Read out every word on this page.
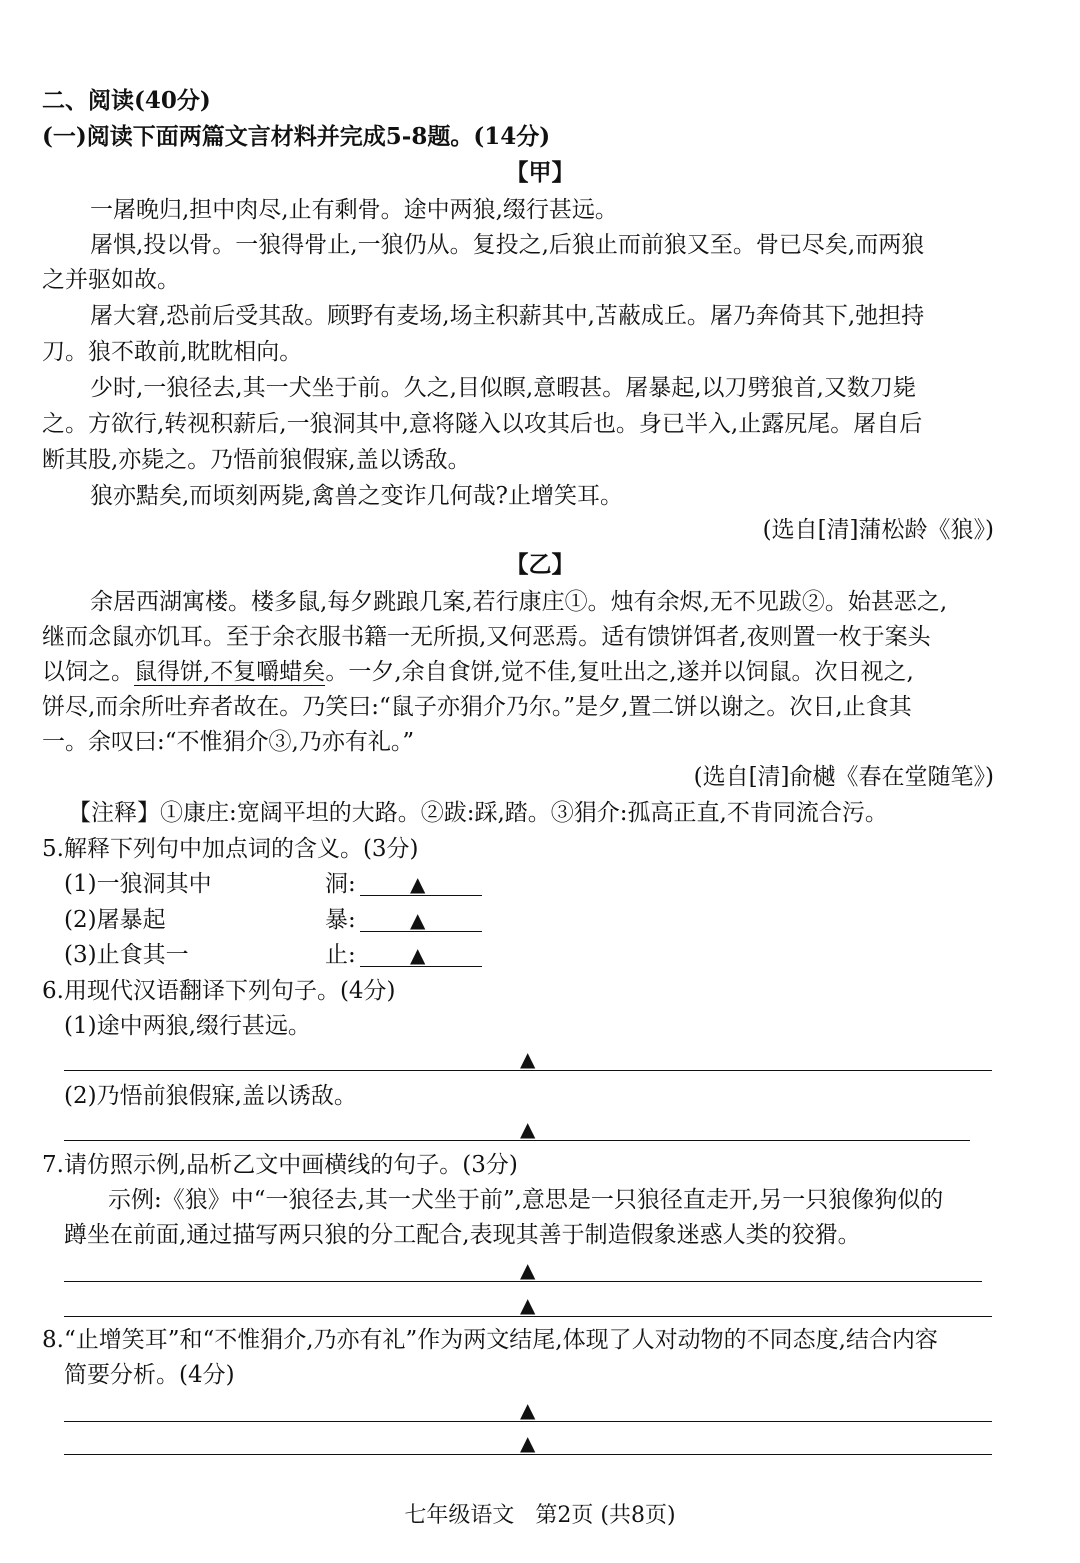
二、阅读(40分)
(一)阅读下面两篇文言材料并完成5-8题。(14分)
【甲】
一屠晚归,担中肉尽,止有剩骨。途中两狼,缀行甚远。
屠惧,投以骨。一狼得骨止,一狼仍从。复投之,后狼止而前狼又至。骨已尽矣,而两狼
之并驱如故。
屠大窘,恐前后受其敌。顾野有麦场,场主积薪其中,苫蔽成丘。屠乃奔倚其下,弛担持
刀。狼不敢前,眈眈相向。
少时,一狼径去,其一犬坐于前。久之,目似瞑,意暇甚。屠暴起,以刀劈狼首,又数刀毙
之。方欲行,转视积薪后,一狼洞其中,意将隧入以攻其后也。身已半入,止露尻尾。屠自后
断其股,亦毙之。乃悟前狼假寐,盖以诱敌。
狼亦黠矣,而顷刻两毙,禽兽之变诈几何哉?止增笑耳。
(选自[清]蒲松龄《狼》)
【乙】
余居西湖寓楼。楼多鼠,每夕跳踉几案,若行康庄①。烛有余烬,无不见跋②。始甚恶之,
继而念鼠亦饥耳。至于余衣服书籍一无所损,又何恶焉。适有馈饼饵者,夜则置一枚于案头
以饲之。鼠得饼,不复嚼蜡矣。一夕,余自食饼,觉不佳,复吐出之,遂并以饲鼠。次日视之,
饼尽,而余所吐弃者故在。乃笑曰:“鼠子亦狷介乃尔。”是夕,置二饼以谢之。次日,止食其
一。余叹曰:“不惟狷介③,乃亦有礼。”
(选自[清]俞樾《春在堂随笔》)
【注释】①康庄:宽阔平坦的大路。②跋:踩,踏。③狷介:孤高正直,不肯同流合污。
5.解释下列句中加点词的含义。(3分)
(1)一狼洞其中	洞:	▲
(2)屠暴起	暴:	▲
(3)止食其一	止:	▲
6.用现代汉语翻译下列句子。(4分)
(1)途中两狼,缀行甚远。
▲
(2)乃悟前狼假寐,盖以诱敌。
▲
7.请仿照示例,品析乙文中画横线的句子。(3分)
示例:《狼》中“一狼径去,其一犬坐于前”,意思是一只狼径直走开,另一只狼像狗似的
蹲坐在前面,通过描写两只狼的分工配合,表现其善于制造假象迷惑人类的狡猾。
▲
▲
8.“止增笑耳”和“不惟狷介,乃亦有礼”作为两文结尾,体现了人对动物的不同态度,结合内容
简要分析。(4分)
▲
▲
七年级语文   第2页 (共8页)
